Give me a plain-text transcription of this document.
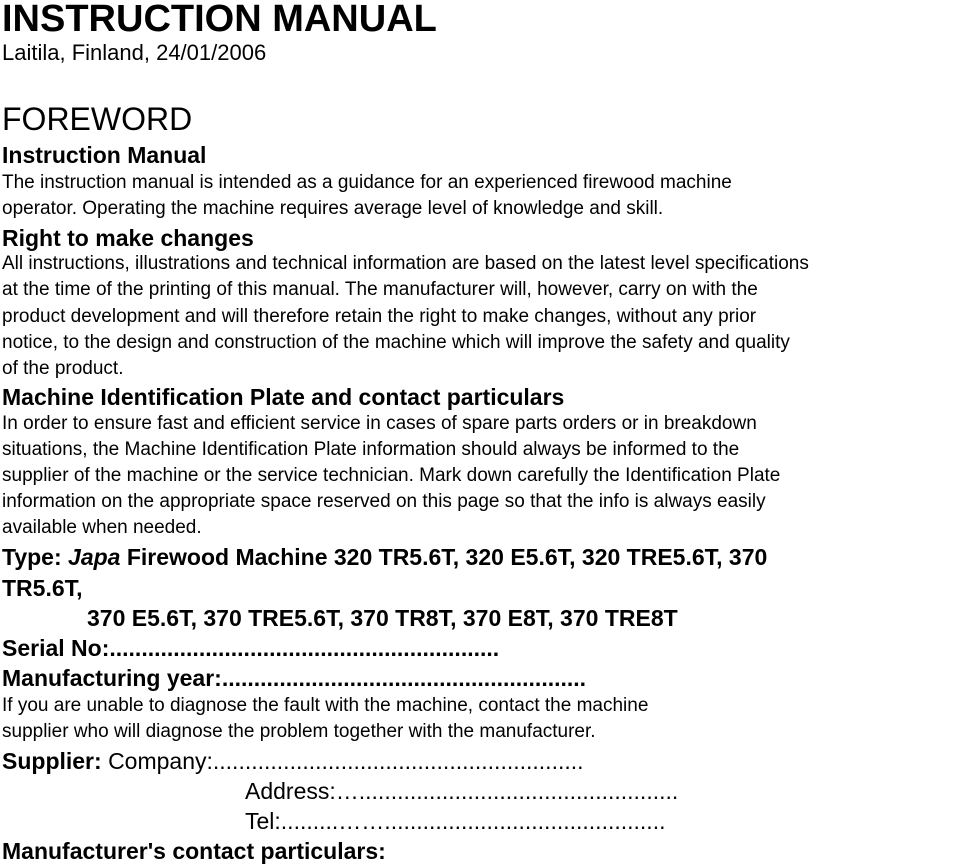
INSTRUCTION MANUAL
Laitila, Finland, 24/01/2006
FOREWORD
Instruction Manual
The instruction manual is intended as a guidance for an experienced firewood machine
operator. Operating the machine requires average level of knowledge and skill.
Right to make changes
All instructions, illustrations and technical information are based on the latest level specifications
at the time of the printing of this manual. The manufacturer will, however, carry on with the
product development and will therefore retain the right to make changes, without any prior
notice, to the design and construction of the machine which will improve the safety and quality
of the product.
Machine Identification Plate and contact particulars
In order to ensure fast and efficient service in cases of spare parts orders or in breakdown
situations, the Machine Identification Plate information should always be informed to the
supplier of the machine or the service technician. Mark down carefully the Identification Plate
information on the appropriate space reserved on this page so that the info is always easily
available when needed.
Type: Japa Firewood Machine 320 TR5.6T, 320 E5.6T, 320 TRE5.6T, 370
TR5.6T,
370 E5.6T, 370 TRE5.6T, 370 TR8T, 370 E8T, 370 TRE8T
Serial No:.............................................................
Manufacturing year:.........................................................
If you are unable to diagnose the fault with the machine, contact the machine
supplier who will diagnose the problem together with the manufacturer.
Supplier: Company:..........................................................
Address:…..................................................
Tel:.........……............................................
Manufacturer's contact particulars:
